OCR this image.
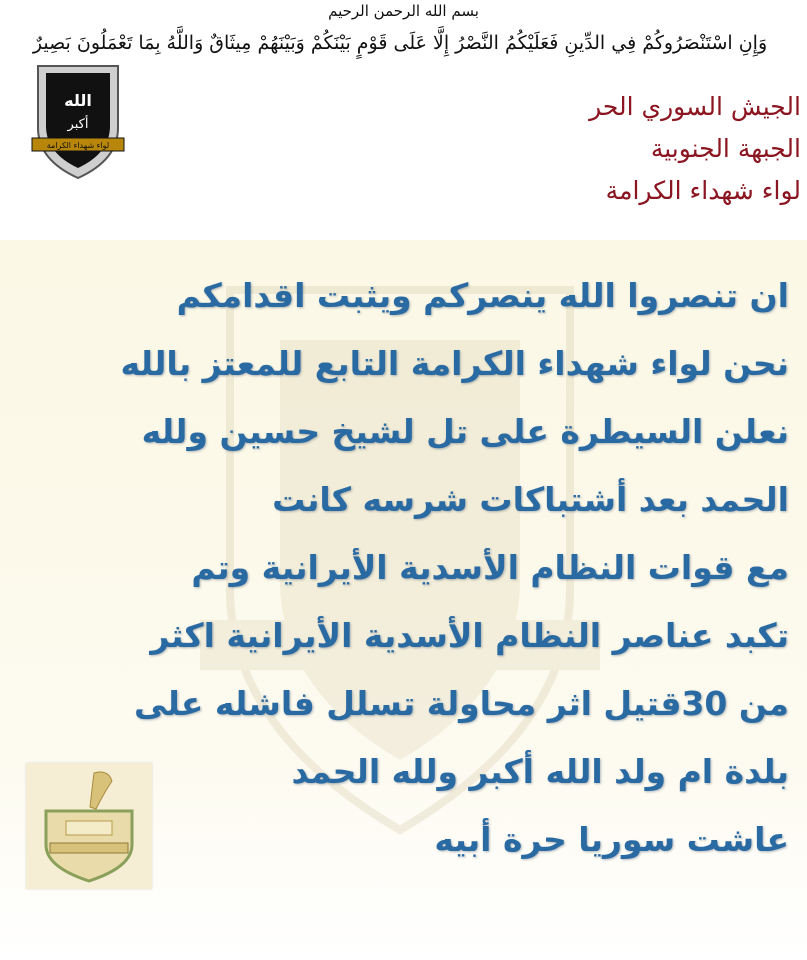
بسم الله الرحمن الرحيم
وَإِنِ اسْتَنْصَرُوكُمْ فِي الدِّينِ فَعَلَيْكُمُ النَّصْرُ إِلَّا عَلَى قَوْمٍ بَيْنَكُمْ وَبَيْنَهُمْ مِيثَاقٌ وَاللَّهُ بِمَا تَعْمَلُونَ بَصِيرٌ
الله
أكبر
لواء شهداء الكرامة
الجيش السوري الحر
الجبهة الجنوبية
لواء شهداء الكرامة
ان تنصروا الله ينصركم ويثبت اقدامكم
نحن لواء شهداء الكرامة التابع للمعتز بالله
نعلن السيطرة على تل لشيخ حسين ولله
الحمد بعد أشتباكات شرسه كانت
مع قوات النظام الأسدية الأيرانية وتم
تكبد عناصر النظام الأسدية الأيرانية اكثر
من 30قتيل اثر محاولة تسلل فاشله على
بلدة ام ولد الله أكبر ولله الحمد
عاشت سوريا حرة أبيه
